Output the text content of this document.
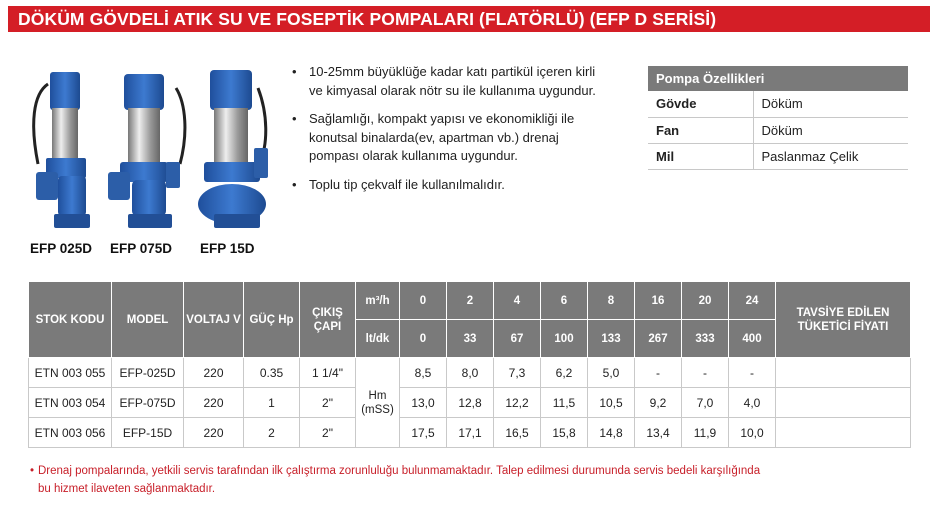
DÖKÜM GÖVDELİ ATIK SU VE FOSEPTİK POMPALARI (FLATÖRLÜ) (EFP D SERİSİ)
EFP 025D EFP 075D EFP 15D
• 10-25mm büyüklüğe kadar katı partikül içeren kirli ve kimyasal olarak nötr su ile kullanıma uygundur.
• Sağlamlığı, kompakt yapısı ve ekonomikliği ile konutsal binalarda(ev, apartman vb.) drenaj pompası olarak kullanıma uygundur.
• Toplu tip çekvalf ile kullanılmalıdır.
Pompa Özellikleri	
Gövde	Döküm
Fan	Döküm
Mil	Paslanmaz Çelik
STOK KODU	MODEL	VOLTAJ V	GÜÇ Hp	ÇIKIŞ ÇAPI	m³/h	0	2	4	6	8	16	20	24	TAVSİYE EDİLEN TÜKETİCİ FİYATI
					lt/dk	0	33	67	100	133	267	333	400	
ETN 003 055	EFP-025D	220	0.35	1 1/4"	Hm (mSS)	8,5	8,0	7,3	6,2	5,0	-	-	-	
ETN 003 054	EFP-075D	220	1	2"		13,0	12,8	12,2	11,5	10,5	9,2	7,0	4,0	
ETN 003 056	EFP-15D	220	2	2"		17,5	17,1	16,5	15,8	14,8	13,4	11,9	10,0	
• Drenaj pompalarında, yetkili servis tarafından ilk çalıştırma zorunluluğu bulunmamaktadır. Talep edilmesi durumunda servis bedeli karşılığında
bu hizmet ilaveten sağlanmaktadır.
